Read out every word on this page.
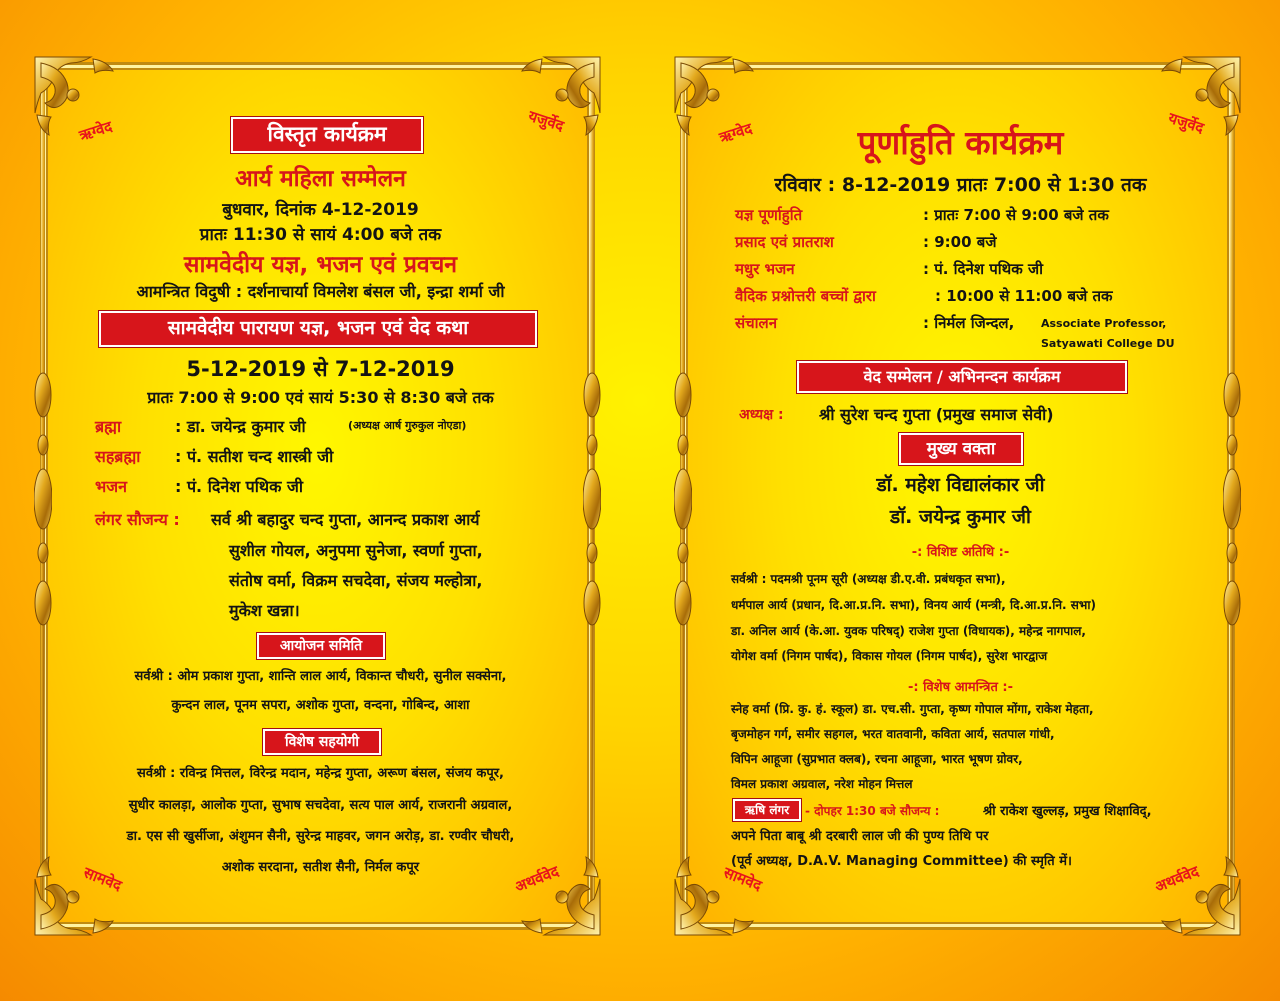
ऋग्वेद	यजुर्वेद
सामवेद	अथर्ववेद
विस्तृत कार्यक्रम
आर्य महिला सम्मेलन
बुधवार, दिनांक 4-12-2019
प्रातः 11:30 से सायं 4:00 बजे तक
सामवेदीय यज्ञ, भजन एवं प्रवचन
आमन्त्रित विदुषी : दर्शनाचार्या विमलेश बंसल जी, इन्द्रा शर्मा जी
सामवेदीय पारायण यज्ञ, भजन एवं वेद कथा
5-12-2019 से 7-12-2019
प्रातः 7:00 से 9:00 एवं सायं 5:30 से 8:30 बजे तक
ब्रह्मा	: डा. जयेन्द्र कुमार जी	(अध्यक्ष आर्ष गुरुकुल नोएडा)
सहब्रह्मा : पं. सतीश चन्द शास्त्री जी
भजन	: पं. दिनेश पथिक जी
लंगर सौजन्य : सर्व श्री बहादुर चन्द गुप्ता, आनन्द प्रकाश आर्य
सुशील गोयल, अनुपमा सुनेजा, स्वर्णा गुप्ता,
संतोष वर्मा, विक्रम सचदेवा, संजय मल्होत्रा,
मुकेश खन्ना।
आयोजन समिति
सर्वश्री : ओम प्रकाश गुप्ता, शान्ति लाल आर्य, विकान्त चौधरी, सुनील सक्सेना,
कुन्दन लाल, पूनम सपरा, अशोक गुप्ता, वन्दना, गोबिन्द, आशा
विशेष सहयोगी
सर्वश्री : रविन्द्र मित्तल, विरेन्द्र मदान, महेन्द्र गुप्ता, अरूण बंसल, संजय कपूर,
सुधीर कालड़ा, आलोक गुप्ता, सुभाष सचदेवा, सत्य पाल आर्य, राजरानी अग्रवाल,
डा. एस सी खुर्सीजा, अंशुमन सैनी, सुरेन्द्र माहवर, जगन अरोड़, डा. रण्वीर चौधरी,
अशोक सरदाना, सतीश सैनी, निर्मल कपूर
ऋग्वेद	यजुर्वेद
सामवेद	अथर्ववेद
पूर्णाहुति कार्यक्रम
रविवार : 8-12-2019 प्रातः 7:00 से 1:30 तक
यज्ञ पूर्णाहुति	: प्रातः 7:00 से 9:00 बजे तक
प्रसाद एवं प्रातराश	: 9:00 बजे
मधुर भजन	: पं. दिनेश पथिक जी
वैदिक प्रश्नोत्तरी बच्चों द्वारा	: 10:00 से 11:00 बजे तक
संचालन	: निर्मल जिन्दल, Associate Professor,
Satyawati College DU
वेद सम्मेलन / अभिनन्दन कार्यक्रम
अध्यक्ष : श्री सुरेश चन्द गुप्ता (प्रमुख समाज सेवी)
मुख्य वक्ता
डॉ. महेश विद्यालंकार जी
डॉ. जयेन्द्र कुमार जी
-: विशिष्ट अतिथि :-
सर्वश्री : पदमश्री पूनम सूरी (अध्यक्ष डी.ए.वी. प्रबंधकृत सभा),
धर्मपाल आर्य (प्रधान, दि.आ.प्र.नि. सभा), विनय आर्य (मन्त्री, दि.आ.प्र.नि. सभा)
डा. अनिल आर्य (के.आ. युवक परिषद्) राजेश गुप्ता (विधायक), महेन्द्र नागपाल,
योगेश वर्मा (निगम पार्षद), विकास गोयल (निगम पार्षद), सुरेश भारद्वाज
-: विशेष आमन्त्रित :-
स्नेह वर्मा (प्रि. कु. हं. स्कूल) डा. एच.सी. गुप्ता, कृष्ण गोपाल मोंगा, राकेश मेहता,
बृजमोहन गर्ग, समीर सहगल, भरत वातवानी, कविता आर्य, सतपाल गांधी,
विपिन आहूजा (सुप्रभात क्लब), रचना आहूजा, भारत भूषण ग्रोवर,
विमल प्रकाश अग्रवाल, नरेश मोहन मित्तल
ऋषि लंगर	- दोपहर 1:30 बजे सौजन्य :	श्री राकेश खुल्लड़, प्रमुख शिक्षाविद्,
अपने पिता बाबू श्री दरबारी लाल जी की पुण्य तिथि पर
(पूर्व अध्यक्ष, D.A.V. Managing Committee) की स्मृति में।
